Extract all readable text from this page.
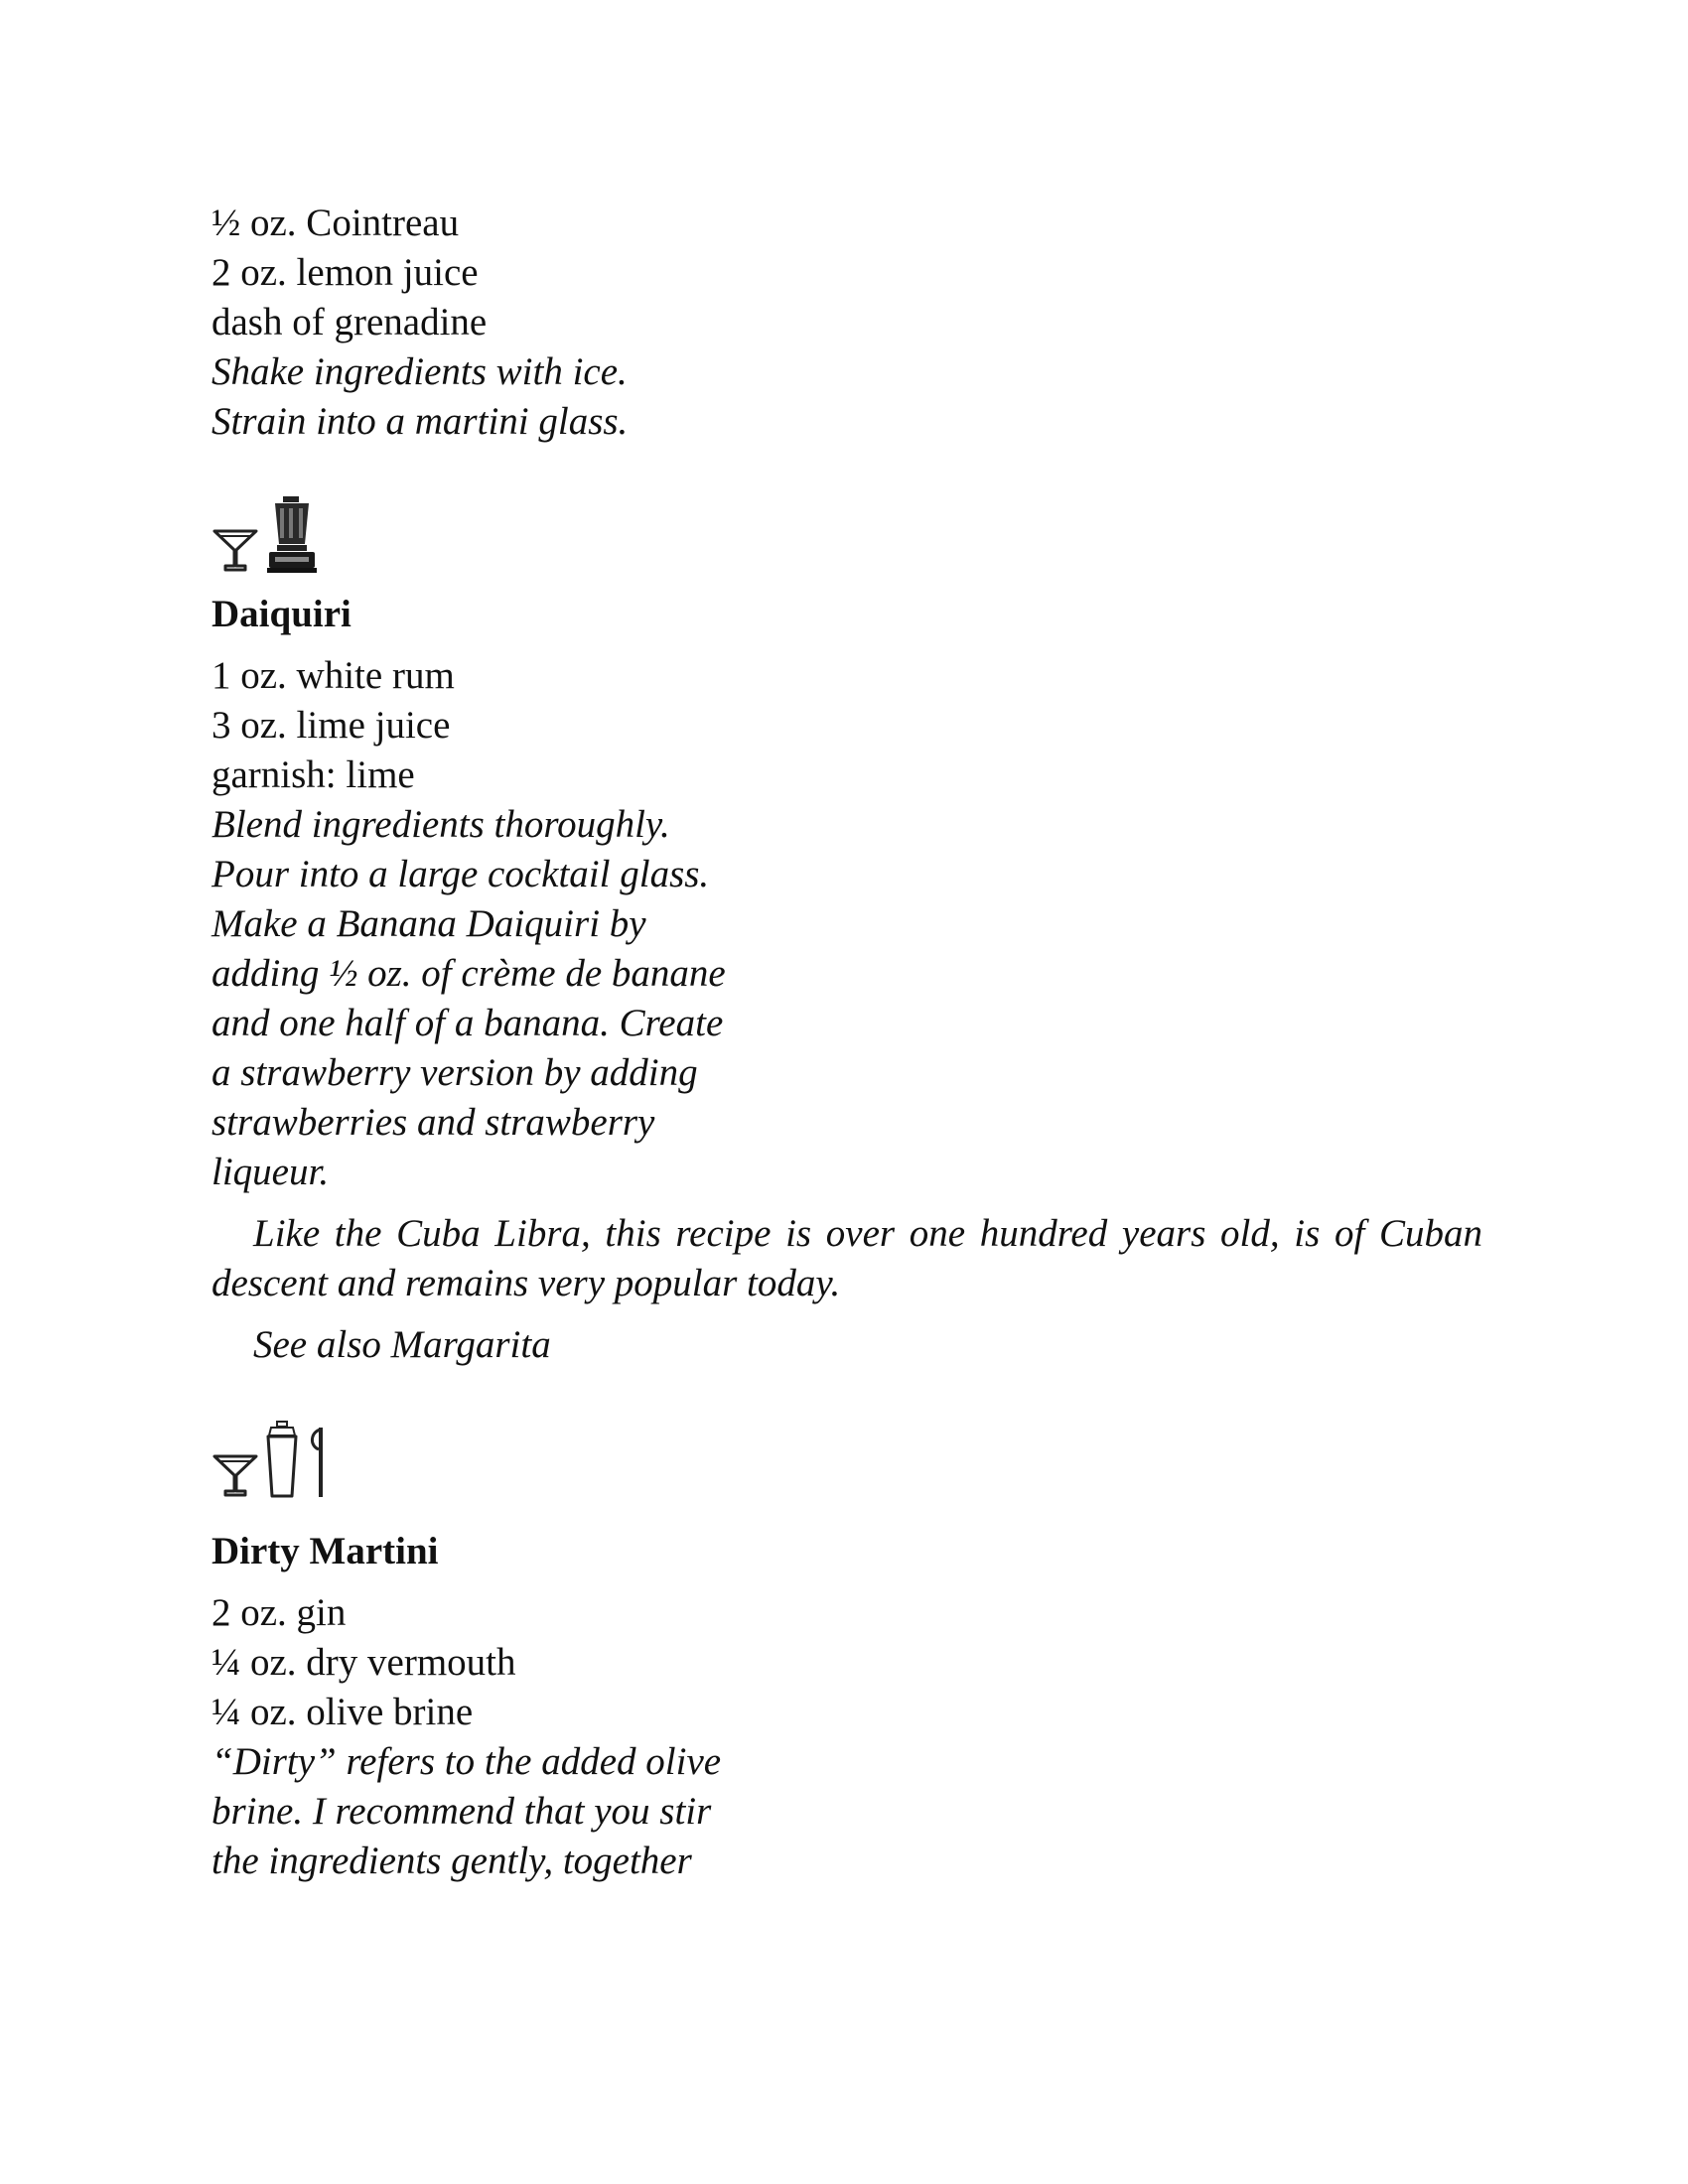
½ oz. Cointreau
2 oz. lemon juice
dash of grenadine
Shake ingredients with ice.
Strain into a martini glass.
Daiquiri
1 oz. white rum
3 oz. lime juice
garnish: lime
Blend ingredients thoroughly.
Pour into a large cocktail glass.
Make a Banana Daiquiri by
adding ½ oz. of crème de banane
and one half of a banana. Create
a strawberry version by adding
strawberries and strawberry
liqueur.
Like the Cuba Libra, this recipe is over one hundred years old, is of Cuban descent and remains very popular today.
See also Margarita
Dirty Martini
2 oz. gin
¼ oz. dry vermouth
¼ oz. olive brine
“Dirty” refers to the added olive
brine. I recommend that you stir
the ingredients gently, together
